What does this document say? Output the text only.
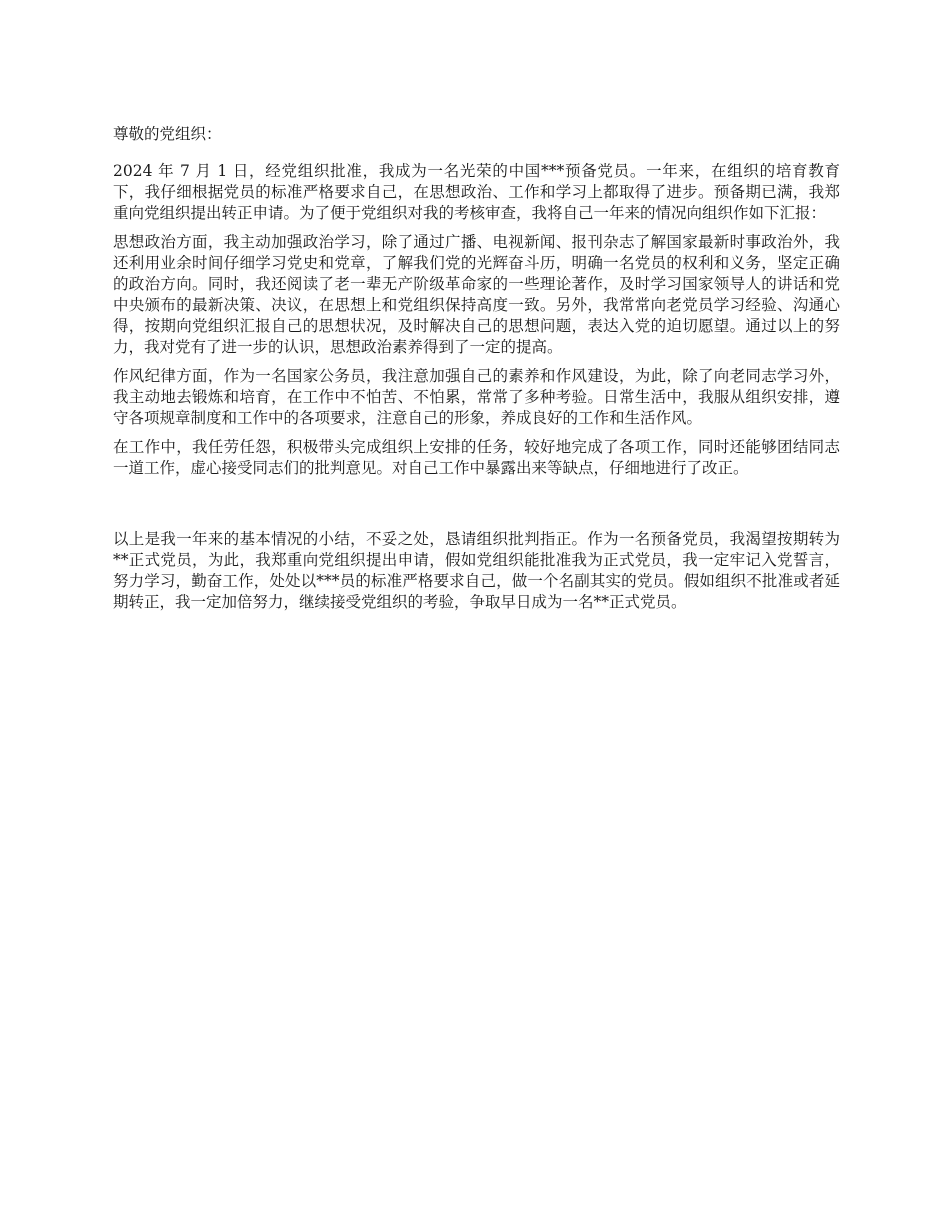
尊敬的党组织：

2024 年 7 月 1 日，经党组织批准，我成为一名光荣的中国***预备党员。一年来，在组织的培育教育下，我仔细根据党员的标准严格要求自己，在思想政治、工作和学习上都取得了进步。预备期已满，我郑重向党组织提出转正申请。为了便于党组织对我的考核审查，我将自己一年来的情况向组织作如下汇报：

思想政治方面，我主动加强政治学习，除了通过广播、电视新闻、报刊杂志了解国家最新时事政治外，我还利用业余时间仔细学习党史和党章，了解我们党的光辉奋斗历，明确一名党员的权利和义务，坚定正确的政治方向。同时，我还阅读了老一辈无产阶级革命家的一些理论著作，及时学习国家领导人的讲话和党中央颁布的最新决策、决议，在思想上和党组织保持高度一致。另外，我常常向老党员学习经验、沟通心得，按期向党组织汇报自己的思想状况，及时解决自己的思想问题，表达入党的迫切愿望。通过以上的努力，我对党有了进一步的认识，思想政治素养得到了一定的提高。

作风纪律方面，作为一名国家公务员，我注意加强自己的素养和作风建设，为此，除了向老同志学习外，我主动地去锻炼和培育，在工作中不怕苦、不怕累，常常了多种考验。日常生活中，我服从组织安排，遵守各项规章制度和工作中的各项要求，注意自己的形象，养成良好的工作和生活作风。

在工作中，我任劳任怨，积极带头完成组织上安排的任务，较好地完成了各项工作，同时还能够团结同志一道工作，虚心接受同志们的批判意见。对自己工作中暴露出来等缺点，仔细地进行了改正。

以上是我一年来的基本情况的小结，不妥之处，恳请组织批判指正。作为一名预备党员，我渴望按期转为**正式党员，为此，我郑重向党组织提出申请，假如党组织能批准我为正式党员，我一定牢记入党誓言，努力学习，勤奋工作，处处以***员的标准严格要求自己，做一个名副其实的党员。假如组织不批准或者延期转正，我一定加倍努力，继续接受党组织的考验，争取早日成为一名**正式党员。
